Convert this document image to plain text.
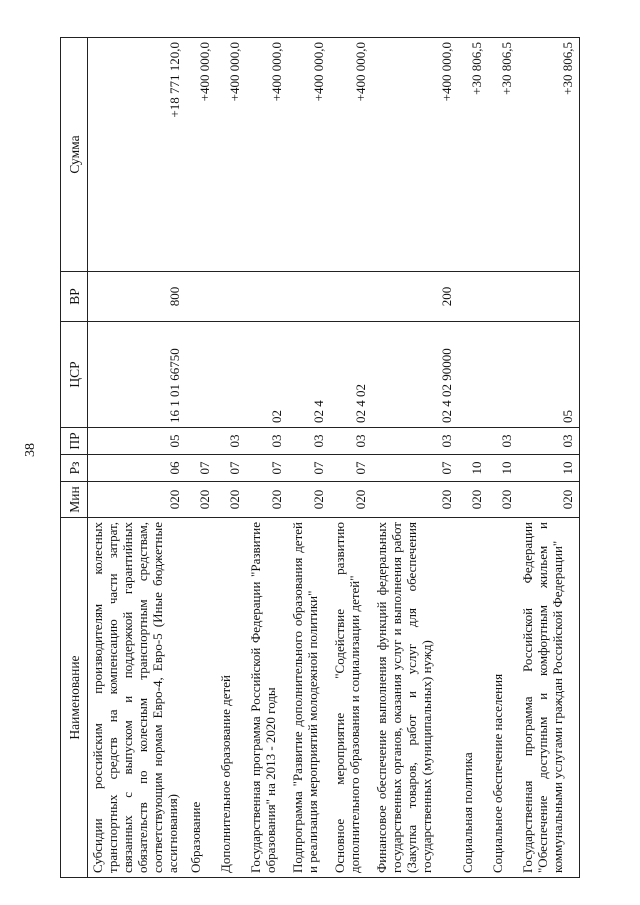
38
Наименование	Мин	Рз	ПР	ЦСР	ВР	Сумма
Субсидии российским производителям колесных транспортных средств на компенсацию части затрат, связанных с выпуском и поддержкой гарантийных обязательств по колесным транспортным средствам, соответствующим нормам Евро-4, Евро-5 (Иные бюджетные ассигнования)	020	06	05	16 1 01 66750	800	+18 771 120,0
Образование	020	07				+400 000,0
Дополнительное образование детей	020	07	03			+400 000,0
Государственная программа Российской Федерации "Развитие образования" на 2013 - 2020 годы	020	07	03	02		+400 000,0
Подпрограмма "Развитие дополнительного образования детей и реализация мероприятий молодежной политики"	020	07	03	02 4		+400 000,0
Основное мероприятие "Содействие развитию дополнительного образования и социализации детей"	020	07	03	02 4 02		+400 000,0
Финансовое обеспечение выполнения функций федеральных государственных органов, оказания услуг и выполнения работ (Закупка товаров, работ и услуг для обеспечения государственных (муниципальных) нужд)	020	07	03	02 4 02 90000	200	+400 000,0
Социальная политика	020	10				+30 806,5
Социальное обеспечение населения	020	10	03			+30 806,5
Государственная программа Российской Федерации "Обеспечение доступным и комфортным жильем и коммунальными услугами граждан Российской Федерации"	020	10	03	05		+30 806,5
